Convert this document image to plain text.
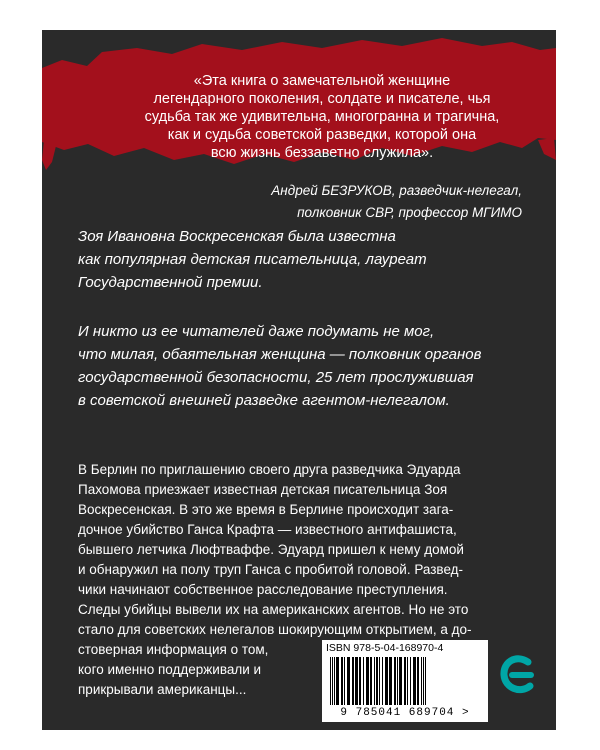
«Эта книга о замечательной женщине
легендарного поколения, солдате и писателе, чья
судьба так же удивительна, многогранна и трагична,
как и судьба советской разведки, которой она
всю жизнь беззаветно служила».
Андрей БЕЗРУКОВ, разведчик-нелегал,
полковник СВР, профессор МГИМО
Зоя Ивановна Воскресенская была известна
как популярная детская писательница, лауреат
Государственной премии.
И никто из ее читателей даже подумать не мог,
что милая, обаятельная женщина — полковник органов
государственной безопасности, 25 лет прослужившая
в советской внешней разведке агентом-нелегалом.
В Берлин по приглашению своего друга разведчика Эдуарда
Пахомова приезжает известная детская писательница Зоя
Воскресенская. В это же время в Берлине происходит зага-
дочное убийство Ганса Крафта — известного антифашиста,
бывшего летчика Люфтваффе. Эдуард пришел к нему домой
и обнаружил на полу труп Ганса с пробитой головой. Развед-
чики начинают собственное расследование преступления.
Следы убийцы вывели их на американских агентов. Но не это
стало для советских нелегалов шокирующим открытием, а до-
стоверная информация о том,
кого именно поддерживали и
прикрывали американцы...
ISBN 978-5-04-168970-4
9 785041 689704 >
